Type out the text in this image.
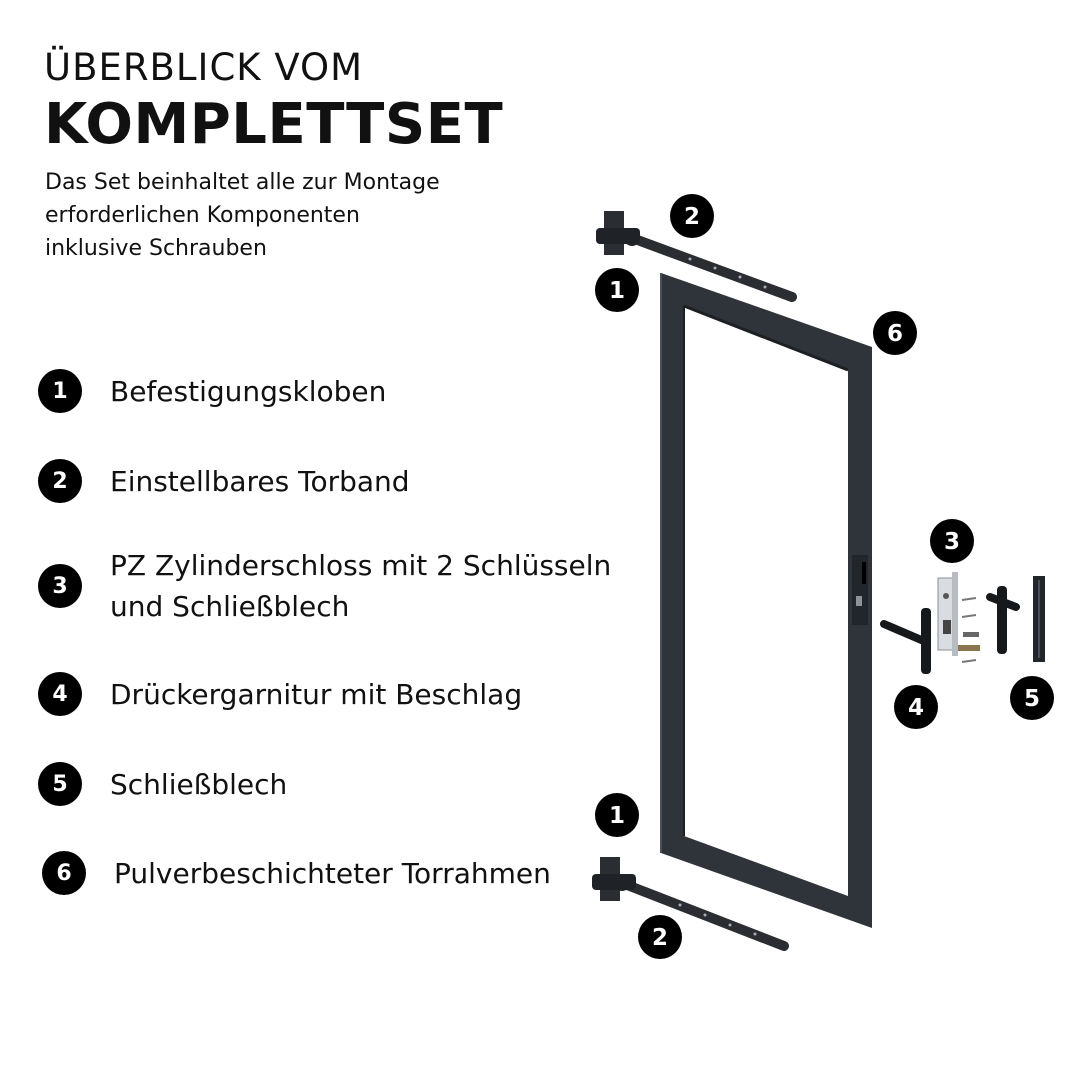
ÜBERBLICK VOM
KOMPLETTSET
Das Set beinhaltet alle zur Montage
erforderlichen Komponenten
inklusive Schrauben
1	Befestigungskloben
2	Einstellbares Torband
3
PZ Zylinderschloss mit 2 Schlüsseln
und Schließblech
4	Drückergarnitur mit Beschlag
5	Schließblech
6	Pulverbeschichteter Torrahmen
2
1
6
3
4	5
1
2
